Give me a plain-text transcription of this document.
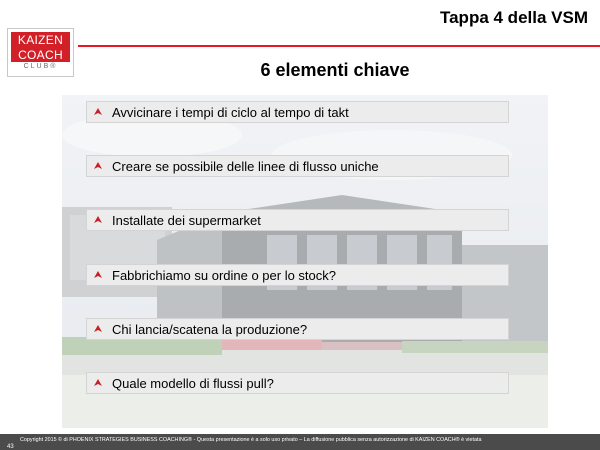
KAIZEN
COACH
CLUB®
Tappa 4 della VSM
6 elementi chiave
Avvicinare i tempi di ciclo al tempo di takt
Creare se possibile delle linee di flusso uniche
Installate dei supermarket
Fabbrichiamo su ordine o per lo stock?
Chi lancia/scatena la produzione?
Quale modello di flussi pull?
43
Copyright 2015 © di PHOENIX STRATEGIES BUSINESS COACHING® - Questa presentazione è a solo uso privato – La diffusione pubblica senza autorizzazione di KAIZEN COACH® è vietata
